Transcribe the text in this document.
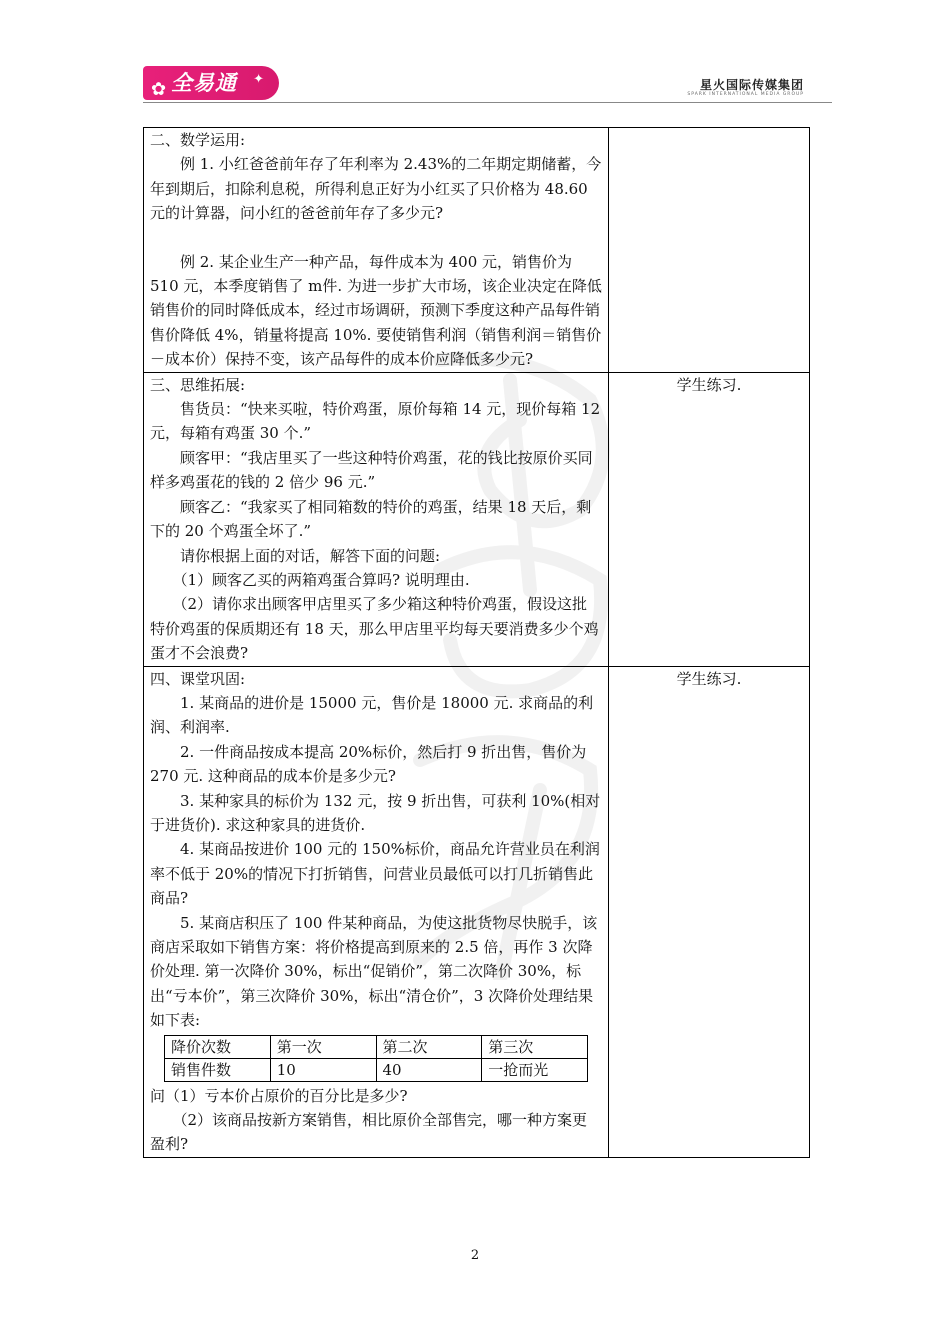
✿ 全易通 ✦	星火国际传媒集团
SPARK INTERNATIONAL MEDIA GROUP

二、数学运用:

例 1. 小红爸爸前年存了年利率为 2.43%的二年期定期储蓄，今年到期后，扣除利息税，所得利息正好为小红买了只价格为 48.60 元的计算器，问小红的爸爸前年存了多少元?

例 2. 某企业生产一种产品，每件成本为 400 元，销售价为 510 元，本季度销售了 m件. 为进一步扩大市场，该企业决定在降低销售价的同时降低成本，经过市场调研，预测下季度这种产品每件销售价降低 4%，销量将提高 10%. 要使销售利润（销售利润＝销售价－成本价）保持不变，该产品每件的成本价应降低多少元?

三、思维拓展:

售货员：“快来买啦，特价鸡蛋，原价每箱 14 元，现价每箱 12 元，每箱有鸡蛋 30 个.”

顾客甲：“我店里买了一些这种特价鸡蛋，花的钱比按原价买同样多鸡蛋花的钱的 2 倍少 96 元.”

顾客乙：“我家买了相同箱数的特价的鸡蛋，结果 18 天后，剩下的 20 个鸡蛋全坏了.”

请你根据上面的对话，解答下面的问题:

（1）顾客乙买的两箱鸡蛋合算吗? 说明理由.

（2）请你求出顾客甲店里买了多少箱这种特价鸡蛋，假设这批特价鸡蛋的保质期还有 18 天，那么甲店里平均每天要消费多少个鸡蛋才不会浪费?

	学生练习.

四、课堂巩固:

1. 某商品的进价是 15000 元，售价是 18000 元. 求商品的利润、利润率.

2. 一件商品按成本提高 20%标价，然后打 9 折出售，售价为 270 元. 这种商品的成本价是多少元?

3. 某种家具的标价为 132 元，按 9 折出售，可获利 10%(相对于进货价). 求这种家具的进货价.

4. 某商品按进价 100 元的 150%标价，商品允许营业员在利润率不低于 20%的情况下打折销售，问营业员最低可以打几折销售此商品?

5. 某商店积压了 100 件某种商品，为使这批货物尽快脱手，该商店采取如下销售方案：将价格提高到原来的 2.5 倍，再作 3 次降价处理. 第一次降价 30%，标出“促销价”，第二次降价 30%，标出“亏本价”，第三次降价 30%，标出“清仓价”，3 次降价处理结果如下表:

降价次数	第一次	第二次	第三次
销售件数	10	40	一抢而光

问（1）亏本价占原价的百分比是多少?

（2）该商品按新方案销售，相比原价全部售完，哪一种方案更盈利?

	学生练习.
2
